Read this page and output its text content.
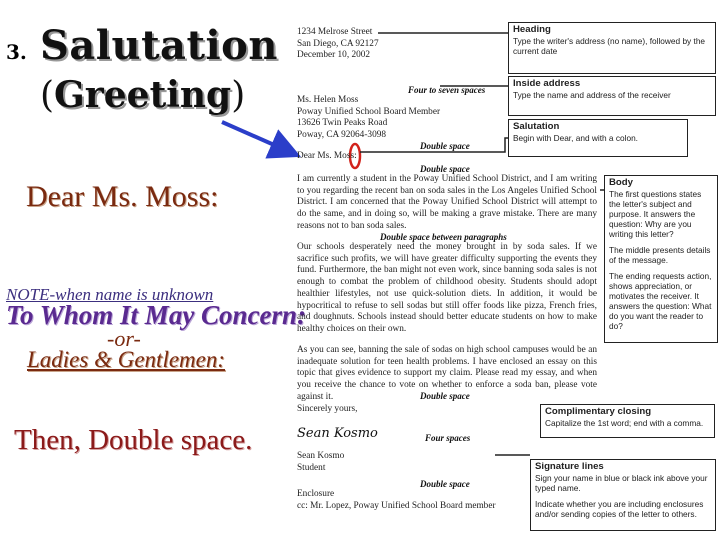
3. Salutation
(Greeting)
Dear Ms. Moss:
NOTE-when name is unknown
To Whom It May Concern:
-or-
Ladies & Gentlemen:
Then, Double space.
1234 Melrose Street
San Diego, CA 92127
December 10, 2002
Four to seven spaces
Ms. Helen Moss
Poway Unified School Board Member
13626 Twin Peaks Road
Poway, CA 92064-3098
Double space
Dear Ms. Moss:
Double space
I am currently a student in the Poway Unified School District, and I am writing to you regarding the recent ban on soda sales in the Los Angeles Unified School District. I am concerned that the Poway Unified School District will attempt to do the same, and in doing so, will be making a grave mistake. There are many reasons not to ban soda sales.
Double space between paragraphs
Our schools desperately need the money brought in by soda sales. If we sacrifice such profits, we will have greater difficulty supporting the events they fund. Furthermore, the ban might not even work, since banning soda sales is not enough to combat the problem of childhood obesity. Students should adopt healthier lifestyles, not use quick-solution diets. In addition, it would be hypocritical to refuse to sell sodas but still offer foods like pizza, French fries, and doughnuts. Schools instead should better educate students on how to make healthy choices on their own.
As you can see, banning the sale of sodas on high school campuses would be an inadequate solution for teen health problems. I have enclosed an essay on this topic that gives evidence to support my claim. Please read my essay, and when you receive the chance to vote on whether to enforce a soda ban, please vote against it.	Double space
Sincerely yours,
Sean Kosmo	Four spaces
Sean Kosmo
Student
Double space
Enclosure
cc: Mr. Lopez, Poway Unified School Board member
Heading
Type the writer's address (no name), followed by the current date
Inside address
Type the name and address of the receiver
Salutation
Begin with Dear, and with a colon.
Body
The first questions states the letter's subject and purpose. It answers the question: Why are you writing this letter?
The middle presents details of the message.
The ending requests action, shows appreciation, or motivates the receiver. It answers the question: What do you want the reader to do?
Complimentary closing
Capitalize the 1st word; end with a comma.
Signature lines
Sign your name in blue or black ink above your typed name.
Indicate whether you are including enclosures and/or sending copies of the letter to others.
